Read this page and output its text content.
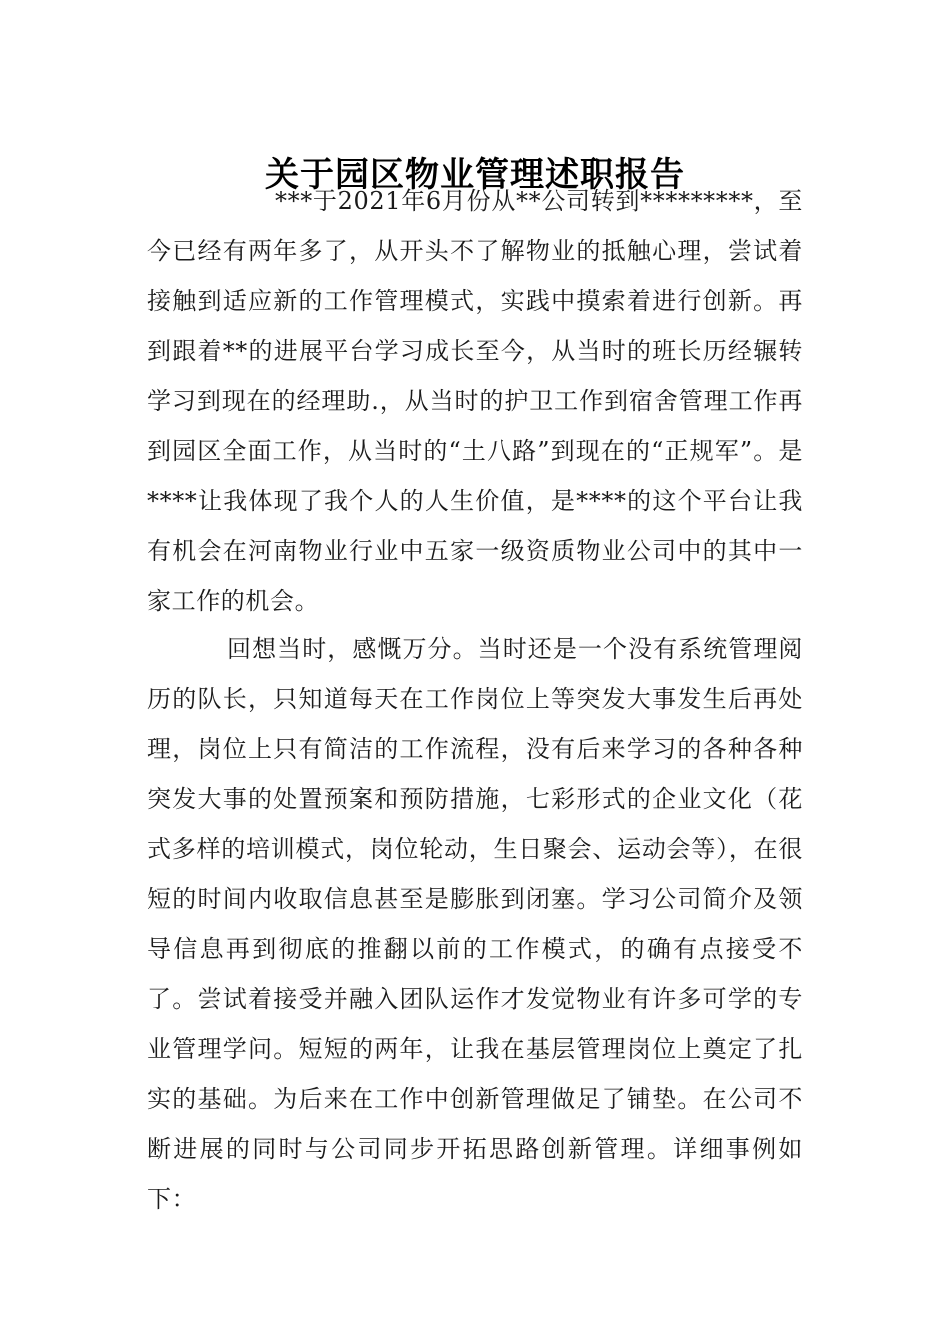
关于园区物业管理述职报告

***于2021年6月份从**公司转到*********，至今已经有两年多了，从开头不了解物业的抵触心理，尝试着接触到适应新的工作管理模式，实践中摸索着进行创新。再到跟着**的进展平台学习成长至今，从当时的班长历经辗转学习到现在的经理助.，从当时的护卫工作到宿舍管理工作再到园区全面工作，从当时的“土八路”到现在的“正规军”。是****让我体现了我个人的人生价值，是****的这个平台让我有机会在河南物业行业中五家一级资质物业公司中的其中一家工作的机会。

回想当时，感慨万分。当时还是一个没有系统管理阅历的队长，只知道每天在工作岗位上等突发大事发生后再处理，岗位上只有简洁的工作流程，没有后来学习的各种各种突发大事的处置预案和预防措施，七彩形式的企业文化（花式多样的培训模式，岗位轮动，生日聚会、运动会等），在很短的时间内收取信息甚至是膨胀到闭塞。学习公司简介及领导信息再到彻底的推翻以前的工作模式，的确有点接受不了。尝试着接受并融入团队运作才发觉物业有许多可学的专业管理学问。短短的两年，让我在基层管理岗位上奠定了扎实的基础。为后来在工作中创新管理做足了铺垫。在公司不断进展的同时与公司同步开拓思路创新管理。详细事例如下：
